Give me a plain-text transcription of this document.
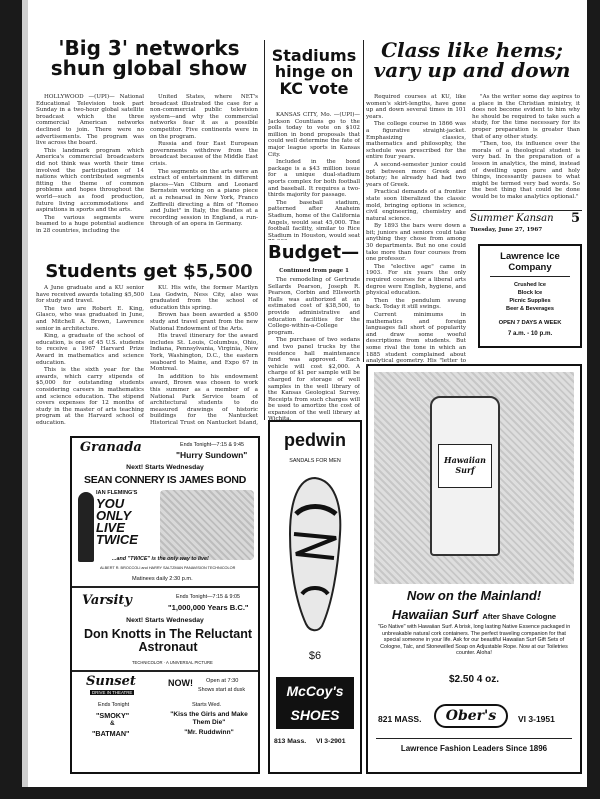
'Big 3' networks shun global show

HOLLYWOOD —(UPI)— National Educational Television took part Sunday in a two-hour global satellite broadcast which the three commercial American networks declined to join. There were no advertisements. The program was live across the board.

This landmark program which America's commercial broadcasters did not think was worth their time involved the participation of 14 nations which contributed segments fitting the theme of common problems and hopes throughout the world—such as food production, future living accommodations and aspirations in sports and the arts.

The various segments were beamed to a huge potential audience in 28 countries, including the

United States, where NET's broadcast illustrated the case for a non-commercial public television system—and why the commercial networks fear it as a possible competitor. Five continents were in on the program.

Russia and four East European governments withdrew from the broadcast because of the Middle East crisis.

The segments on the arts were an extract of entertainment in different places—Van Cliburn and Leonard Bernstein working on a piano piece at a rehearsal in New York, Franco Zeffirelli directing a film of "Romeo and Juliet" in Italy, the Beatles at a recording session in England, a run-through of an opera in Germany.

Students get $5,500

A June graduate and a KU senior have received awards totaling $5,500 for study and travel.

The two are Robert E. King, Glasco, who was graduated in June, and Mitchell A. Brown, Lawrence senior in architecture.

King, a graduate of the school of education, is one of 45 U.S. students to receive a 1967 Harvard Prize Award in mathematics and science education.

This is the sixth year for the awards, which carry stipends of $5,000 for outstanding students considering careers in mathematics and science education. The stipend covers expenses for 12 months of study in the master of arts teaching program at the Harvard school of education.

KU. His wife, the former Marilyn Lea Godwin, Ness City, also was graduated from the school of education this spring.

Brown has been awarded a $500 study and travel grant from the new National Endowment of the Arts.

His travel itinerary for the award includes St. Louis, Columbus, Ohio, Indiana, Pennsylvania, Virginia, New York, Washington, D.C., the eastern seaboard to Maine, and Expo 67 in Montreal.

In addition to his endowment award, Brown was chosen to work this summer as a member of a National Park Service team of architectural students to do measured drawings of historic buildings for the Nantucket Historical Trust on Nantucket Island,

Stadiums hinge on KC vote

KANSAS CITY, Mo. —(UPI)— Jackson Countians go to the polls today to vote on $102 million in bond proposals that could well determine the fate of major league sports in Kansas City.

Included in the bond package is a $43 million issue for a unique dual-stadium sports complex for both football and baseball. It requires a two-thirds majority for passage.

The baseball stadium, patterned after Anaheim Stadium, home of the California Angels, would seat 45,000. The football facility, similar to Rice Stadium in Houston, would seat

Budget—
Continued from page 1

The remodeling of Gertrude Sellards Pearson, Joseph R. Pearson, Corbin and Ellsworth Halls was authorized at an estimated cost of $38,500, to provide administrative and education facilities for the College-within-a-College program.

The purchase of two sedans and two panel trucks by the residence hall maintenance fund was approved. Each vehicle will cost $2,000. A charge of $1 per sample will be charged for storage of well samples in the well library of the Kansas Geological Survey. Receipts from such charges will be used to amortize the cost of expansion of the well library at

Class like hems; vary up and down

Required courses at KU, like women's skirt-lengths, have gone up and down several times in 101 years.

The college course in 1866 was a figurative straight-jacket. Emphasizing classics, mathematics and philosophy, the schedule was prescribed for the entire four years.

A second-semester junior could opt between more Greek and botany; he already had had two years of Greek.

Practical demands of a frontier state soon liberalized the classic mold, bringing options in science, civil engineering, chemistry and natural science.

By 1893 the bars were down a bit; juniors and seniors could take anything they chose from among 30 departments. But no one could take more than four courses from one professor.

The "elective age" came in 1903. For six years the only required courses for a liberal arts degree were English, hygiene, and physical education.

Then the pendulum swung back. Today it still swings.

Current minimums in mathematics and foreign languages fall short of popularity and draw some woeful descriptions from students. But some rival the tone in which an 1885 student complained about analytical geometry. His "letter to

"As the writer some day aspires to a place in the Christian ministry, it does not become evident to him why he should be required to take such a study, for the time necessary for its proper preparation is greater than that of any other study.

"Then, too, its influence over the morals of a theological student is very bad. In the preparation of a lesson in analytics, the mind, instead of dwelling upon pure and holy things, incessantly pauses to what might be termed very bad words. So the best thing that could be done would be to make analytics optional."

Summer Kansan 5
Tuesday, June 27, 1967
Lawrence Ice Company
Crushed Ice
Block Ice
Picnic Supplies
Beer & Beverages
OPEN 7 DAYS A WEEK
7 a.m. - 10 p.m.
Granada	Ends Tonight—7:15 & 9:45
"Hurry Sundown"
Next! Starts Wednesday
SEAN CONNERY IS JAMES BOND
IAN FLEMING'S
YOU ONLY LIVE TWICE
...and "TWICE" is the only way to live!
ALBERT R. BROCCOLI and HARRY SALTZMAN PANAVISION TECHNICOLOR
Matinees daily 2:30 p.m.
Varsity	Ends Tonight—7:15 & 9:05
"1,000,000 Years B.C."
Next! Starts Wednesday
Don Knotts in The Reluctant Astronaut
TECHNICOLOR · A UNIVERSAL PICTURE
Sunset
DRIVE IN THEATRE
NOW! Open at 7:30
Shows start at dusk
Ends Tonight
"SMOKY"
&
"BATMAN"
Starts Wed.
"Kiss the Girls and Make Them Die"
"Mr. Ruddwinn"
pedwin
SANDALS FOR MEN
$6
McCoy's SHOES
813 Mass. VI 3-2901
Hawaiian Surf
Now on the Mainland!
Hawaiian Surf After Shave Cologne
"Go Native" with Hawaiian Surf. A brisk, long lasting Native Essence packaged in unbreakable natural cork containers. The perfect traveling companion for that special someone in your life. Ask for our beautiful Hawaiian Surf Gift Sets of Cologne, Talc, and Stonewilled Soap on Adjustable Rope. Now at our Toiletries counter. Aloha!
$2.50 4 oz.
821 MASS.	Ober's	VI 3-1951
Lawrence Fashion Leaders Since 1896
